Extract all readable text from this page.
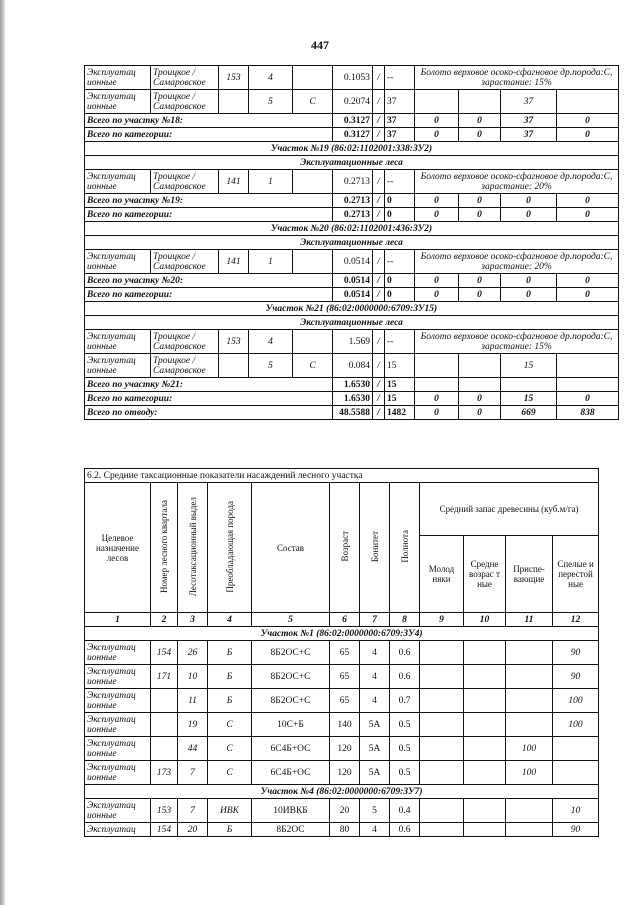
447
Эксплуатац ионные	Троицкое / Самаровское	153	4		0.1053	/	--	Болото верховое осоко-сфагновое др.порода:С, зарастание: 15%			
Эксплуатац ионные	Троицкое / Самаровское		5	С	0.2074	/	37			37	
Всего по участку №18:					0.3127	/	37	0	0	37	0
Всего по категории:					0.3127	/	37	0	0	37	0
Участок №19 (86:02:1102001:338:ЗУ2)											
Эксплуатационные леса											
Эксплуатац ионные	Троицкое / Самаровское	141	1		0.2713	/	--	Болото верховое осоко-сфагновое др.порода:С, зарастание: 20%			
Всего по участку №19:					0.2713	/	0	0	0	0	0
Всего по категории:					0.2713	/	0	0	0	0	0
Участок №20 (86:02:1102001:436:ЗУ2)											
Эксплуатационные леса											
Эксплуатац ионные	Троицкое / Самаровское	141	1		0.0514	/	--	Болото верховое осоко-сфагновое др.порода:С, зарастание: 20%			
Всего по участку №20:					0.0514	/	0	0	0	0	0
Всего по категории:					0.0514	/	0	0	0	0	0
Участок №21 (86:02:0000000:6709:ЗУ15)											
Эксплуатационные леса											
Эксплуатац ионные	Троицкое / Самаровское	153	4		1.569	/	--	Болото верховое осоко-сфагновое др.порода:С, зарастание: 15%			
Эксплуатац ионные	Троицкое / Самаровское		5	С	0.084	/	15			15	
Всего по участку №21:					1.6530	/	15				
Всего по категории:					1.6530	/	15	0	0	15	0
Всего по отводу:					48.5588	/	1482	0	0	669	838
6.2. Средние таксационные показатели насаждений лесного участка											
Целевое назначение лесов	Номер лесного квартала	Лесотаксационный выдел	Преобладающая порода	Состав	Возраст	Бонитет	Полнота	Средний запас древесины (куб.м/га)			
								Молод няки	Средне возрас т ные	Приспе- вающие	Спелые и перестой ные
1	2	3	4	5	6	7	8	9	10	11	12
Участок №1 (86:02:0000000:6709:ЗУ4)											
Эксплуатац ионные	154	26	Б	8Б2ОС+С	65	4	0.6				90
Эксплуатац ионные	171	10	Б	8Б2ОС+С	65	4	0.6				90
Эксплуатац ионные		11	Б	8Б2ОС+С	65	4	0.7				100
Эксплуатац ионные		19	С	10С+Б	140	5А	0.5				100
Эксплуатац ионные		44	С	6С4Б+ОС	120	5А	0.5			100	
Эксплуатац ионные	173	7	С	6С4Б+ОС	120	5А	0.5			100	
Участок №4 (86:02:0000000:6709:ЗУ7)											
Эксплуатац ионные	153	7	ИВК	10ИВКБ	20	5	0.4				10
Эксплуатац	154	20	Б	8Б2ОС	80	4	0.6				90
